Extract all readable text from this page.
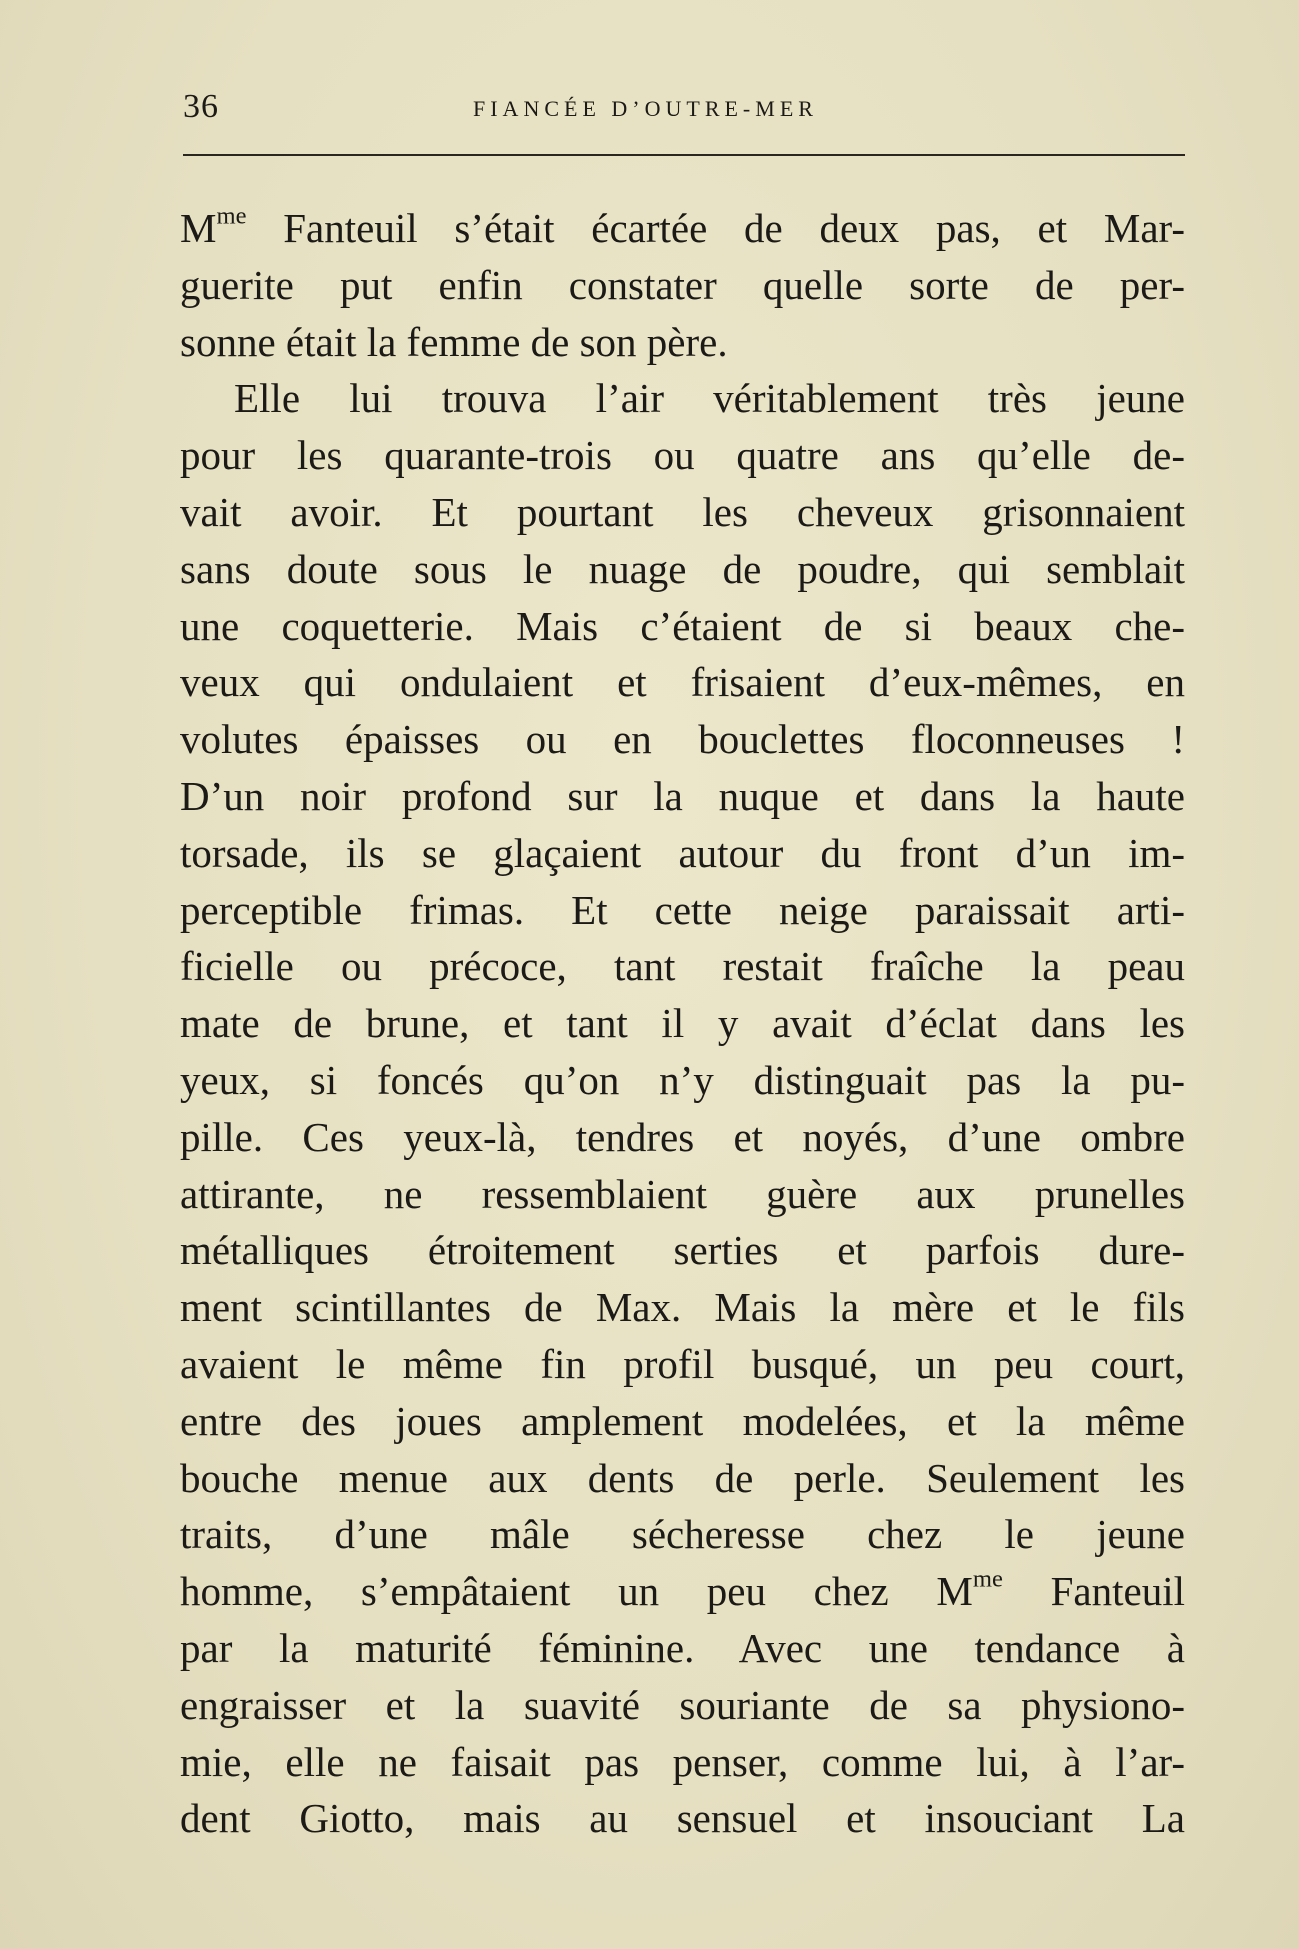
36	FIANCÉE D’OUTRE-MER
$M^{me}$ Fanteuil s’était écartée de deux pas, et Mar-
guerite put enfin constater quelle sorte de per-
sonne était la femme de son père.
Elle lui trouva l’air véritablement très jeune
pour les quarante-trois ou quatre ans qu’elle de-
vait avoir. Et pourtant les cheveux grisonnaient
sans doute sous le nuage de poudre, qui semblait
une coquetterie. Mais c’étaient de si beaux che-
veux qui ondulaient et frisaient d’eux-mêmes, en
volutes épaisses ou en bouclettes floconneuses !
D’un noir profond sur la nuque et dans la haute
torsade, ils se glaçaient autour du front d’un im-
perceptible frimas. Et cette neige paraissait arti-
ficielle ou précoce, tant restait fraîche la peau
mate de brune, et tant il y avait d’éclat dans les
yeux, si foncés qu’on n’y distinguait pas la pu-
pille. Ces yeux-là, tendres et noyés, d’une ombre
attirante, ne ressemblaient guère aux prunelles
métalliques étroitement serties et parfois dure-
ment scintillantes de Max. Mais la mère et le fils
avaient le même fin profil busqué, un peu court,
entre des joues amplement modelées, et la même
bouche menue aux dents de perle. Seulement les
traits, d’une mâle sécheresse chez le jeune
homme, s’empâtaient un peu chez $M^{me}$ Fanteuil
par la maturité féminine. Avec une tendance à
engraisser et la suavité souriante de sa physiono-
mie, elle ne faisait pas penser, comme lui, à l’ar-
dent Giotto, mais au sensuel et insouciant La
